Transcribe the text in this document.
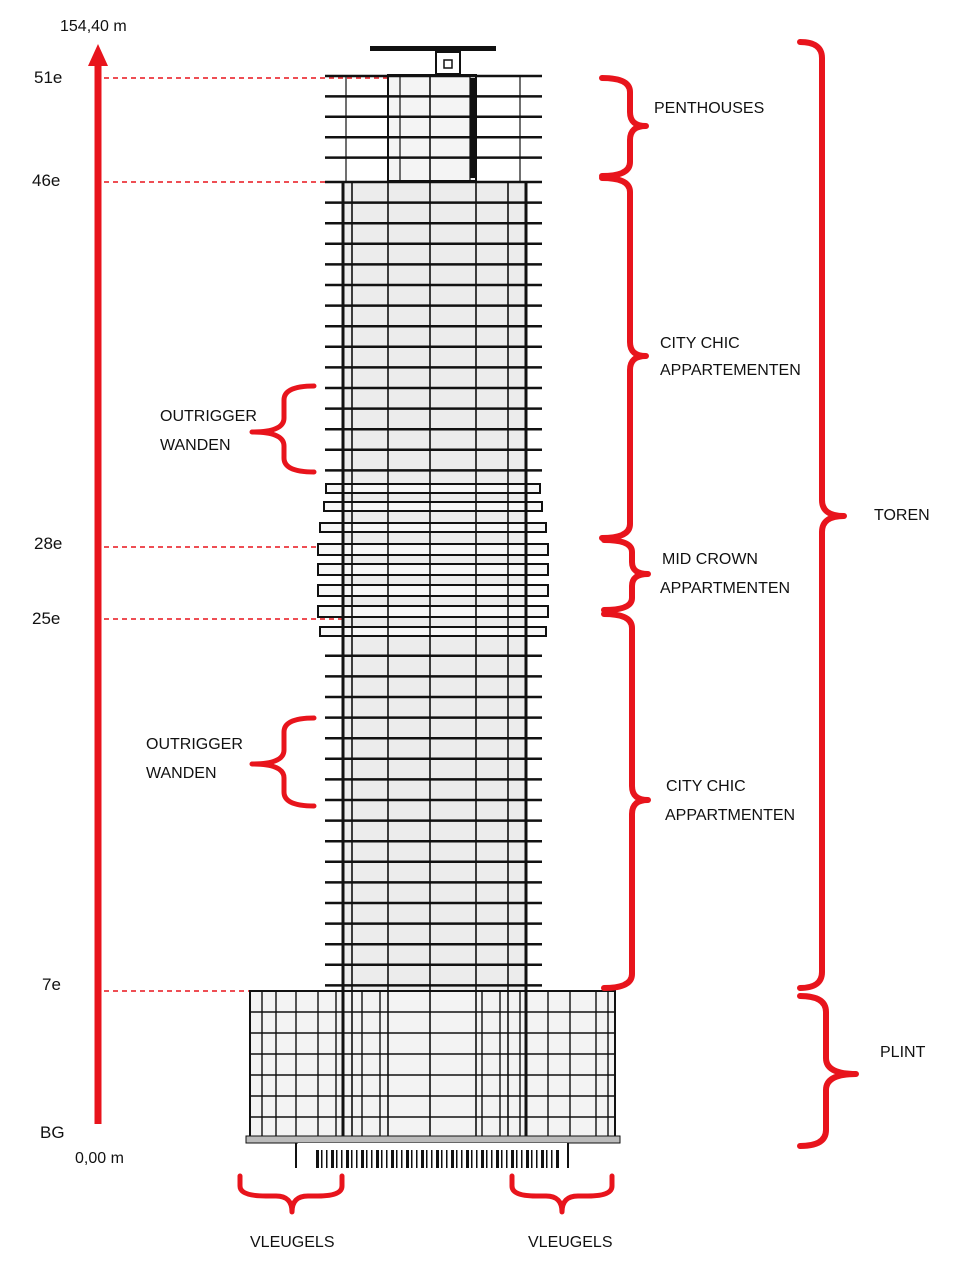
154,40 m
0,00 m
51e
46e
28e
25e
7e
BG
PENTHOUSES
CITY CHIC
APPARTEMENTEN
MID CROWN
APPARTMENTEN
CITY CHIC
APPARTMENTEN
TOREN
PLINT
OUTRIGGER
WANDEN
OUTRIGGER
WANDEN
VLEUGELS	VLEUGELS
